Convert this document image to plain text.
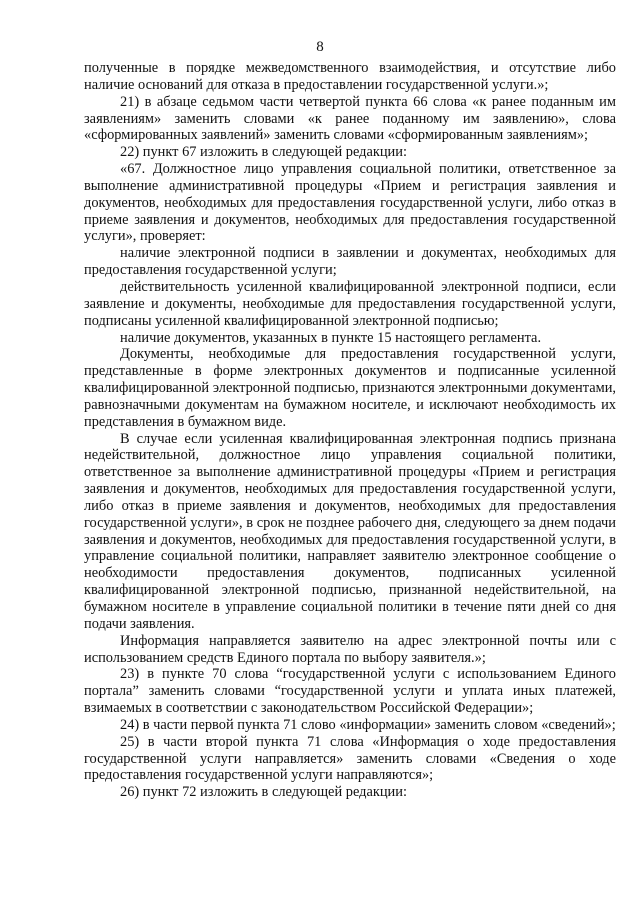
8

полученные в порядке межведомственного взаимодействия, и отсутствие либо наличие оснований для отказа в предоставлении государственной услуги.»;

21) в абзаце седьмом части четвертой пункта 66 слова «к ранее поданным им заявлениям» заменить словами «к ранее поданному им заявлению», слова «сформированных заявлений» заменить словами «сформированным заявлениям»;

22) пункт 67 изложить в следующей редакции:

«67. Должностное лицо управления социальной политики, ответственное за выполнение административной процедуры «Прием и регистрация заявления и документов, необходимых для предоставления государственной услуги, либо отказ в приеме заявления и документов, необходимых для предоставления государственной услуги», проверяет:

наличие электронной подписи в заявлении и документах, необходимых для предоставления государственной услуги;

действительность усиленной квалифицированной электронной подписи, если заявление и документы, необходимые для предоставления государственной услуги, подписаны усиленной квалифицированной электронной подписью;

наличие документов, указанных в пункте 15 настоящего регламента.

Документы, необходимые для предоставления государственной услуги, представленные в форме электронных документов и подписанные усиленной квалифицированной электронной подписью, признаются электронными документами, равнозначными документам на бумажном носителе, и исключают необходимость их представления в бумажном виде.

В случае если усиленная квалифицированная электронная подпись признана недействительной, должностное лицо управления социальной политики, ответственное за выполнение административной процедуры «Прием и регистрация заявления и документов, необходимых для предоставления государственной услуги, либо отказ в приеме заявления и документов, необходимых для предоставления государственной услуги», в срок не позднее рабочего дня, следующего за днем подачи заявления и документов, необходимых для предоставления государственной услуги, в управление социальной политики, направляет заявителю электронное сообщение о необходимости предоставления документов, подписанных усиленной квалифицированной электронной подписью, признанной недействительной, на бумажном носителе в управление социальной политики в течение пяти дней со дня подачи заявления.

Информация направляется заявителю на адрес электронной почты или с использованием средств Единого портала по выбору заявителя.»;

23) в пункте 70 слова “государственной услуги с использованием Единого портала” заменить словами “государственной услуги и уплата иных платежей, взимаемых в соответствии с законодательством Российской Федерации»;

24) в части первой пункта 71 слово «информации» заменить словом «сведений»;

25) в части второй пункта 71 слова «Информация о ходе предоставления государственной услуги направляется» заменить словами «Сведения о ходе предоставления государственной услуги направляются»;

26) пункт 72 изложить в следующей редакции:
